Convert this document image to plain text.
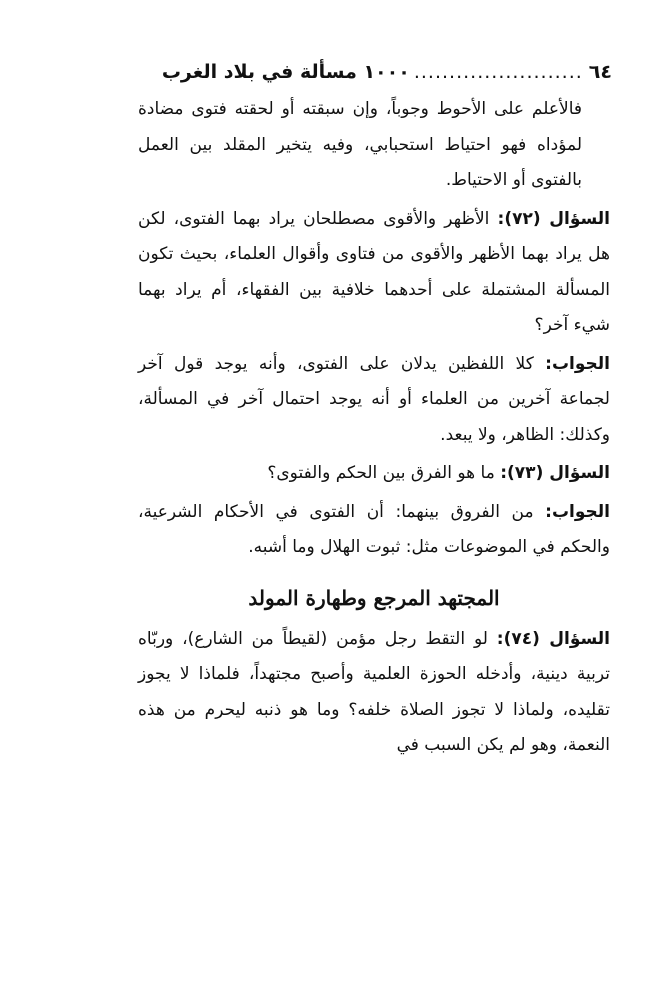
٦٤
........................
١٠٠٠ مسألة في بلاد الغرب

فالأعلم على الأحوط وجوباً، وإن سبقته أو لحقته فتوى مضادة لمؤداه فهو احتياط استحبابي، وفيه يتخير المقلد بين العمل بالفتوى أو الاحتياط.

السؤال (٧٢): الأظهر والأقوى مصطلحان يراد بهما الفتوى، لكن هل يراد بهما الأظهر والأقوى من فتاوى وأقوال العلماء، بحيث تكون المسألة المشتملة على أحدهما خلافية بين الفقهاء، أم يراد بهما شيء آخر؟

الجواب: كلا اللفظين يدلان على الفتوى، وأنه يوجد قول آخر لجماعة آخرين من العلماء أو أنه يوجد احتمال آخر في المسألة، وكذلك: الظاهر، ولا يبعد.

السؤال (٧٣): ما هو الفرق بين الحكم والفتوى؟

الجواب: من الفروق بينهما: أن الفتوى في الأحكام الشرعية، والحكم في الموضوعات مثل: ثبوت الهلال وما أشبه.

المجتهد المرجع وطهارة المولد

السؤال (٧٤): لو التقط رجل مؤمن (لقيطاً من الشارع)، وربّاه تربية دينية، وأدخله الحوزة العلمية وأصبح مجتهداً، فلماذا لا يجوز تقليده، ولماذا لا تجوز الصلاة خلفه؟ وما هو ذنبه ليحرم من هذه النعمة، وهو لم يكن السبب في
